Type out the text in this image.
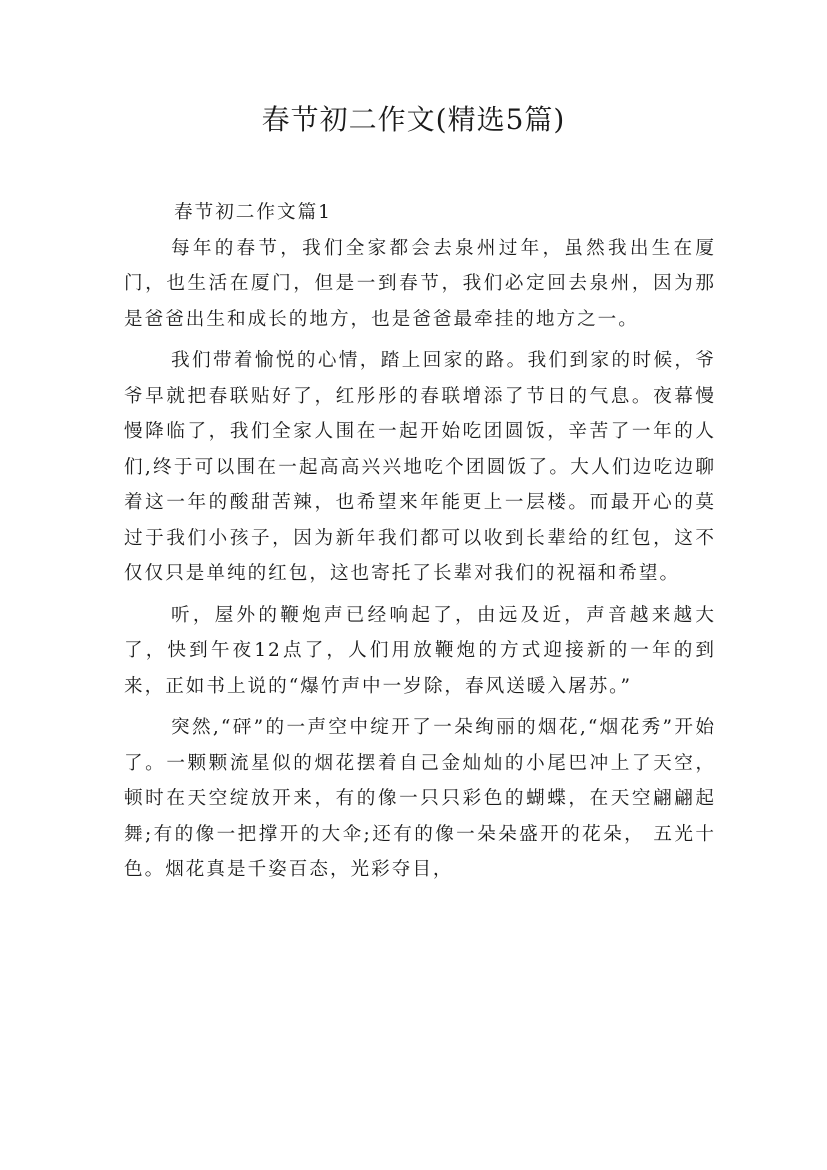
春节初二作文(精选5篇)

春节初二作文篇1

每年的春节，我们全家都会去泉州过年，虽然我出生在厦门，也生活在厦门，但是一到春节，我们必定回去泉州，因为那是爸爸出生和成长的地方，也是爸爸最牵挂的地方之一。

我们带着愉悦的心情，踏上回家的路。我们到家的时候，爷爷早就把春联贴好了，红彤彤的春联增添了节日的气息。夜幕慢慢降临了，我们全家人围在一起开始吃团圆饭，辛苦了一年的人们,终于可以围在一起高高兴兴地吃个团圆饭了。大人们边吃边聊着这一年的酸甜苦辣，也希望来年能更上一层楼。而最开心的莫过于我们小孩子，因为新年我们都可以收到长辈给的红包，这不仅仅只是单纯的红包，这也寄托了长辈对我们的祝福和希望。

听，屋外的鞭炮声已经响起了，由远及近，声音越来越大了，快到午夜12点了，人们用放鞭炮的方式迎接新的一年的到来，正如书上说的“爆竹声中一岁除，春风送暖入屠苏。”

突然,“砰”的一声空中绽开了一朵绚丽的烟花,“烟花秀”开始了。一颗颗流星似的烟花摆着自己金灿灿的小尾巴冲上了天空，顿时在天空绽放开来，有的像一只只彩色的蝴蝶，在天空翩翩起舞;有的像一把撑开的大伞;还有的像一朵朵盛开的花朵， 五光十色。烟花真是千姿百态，光彩夺目，
